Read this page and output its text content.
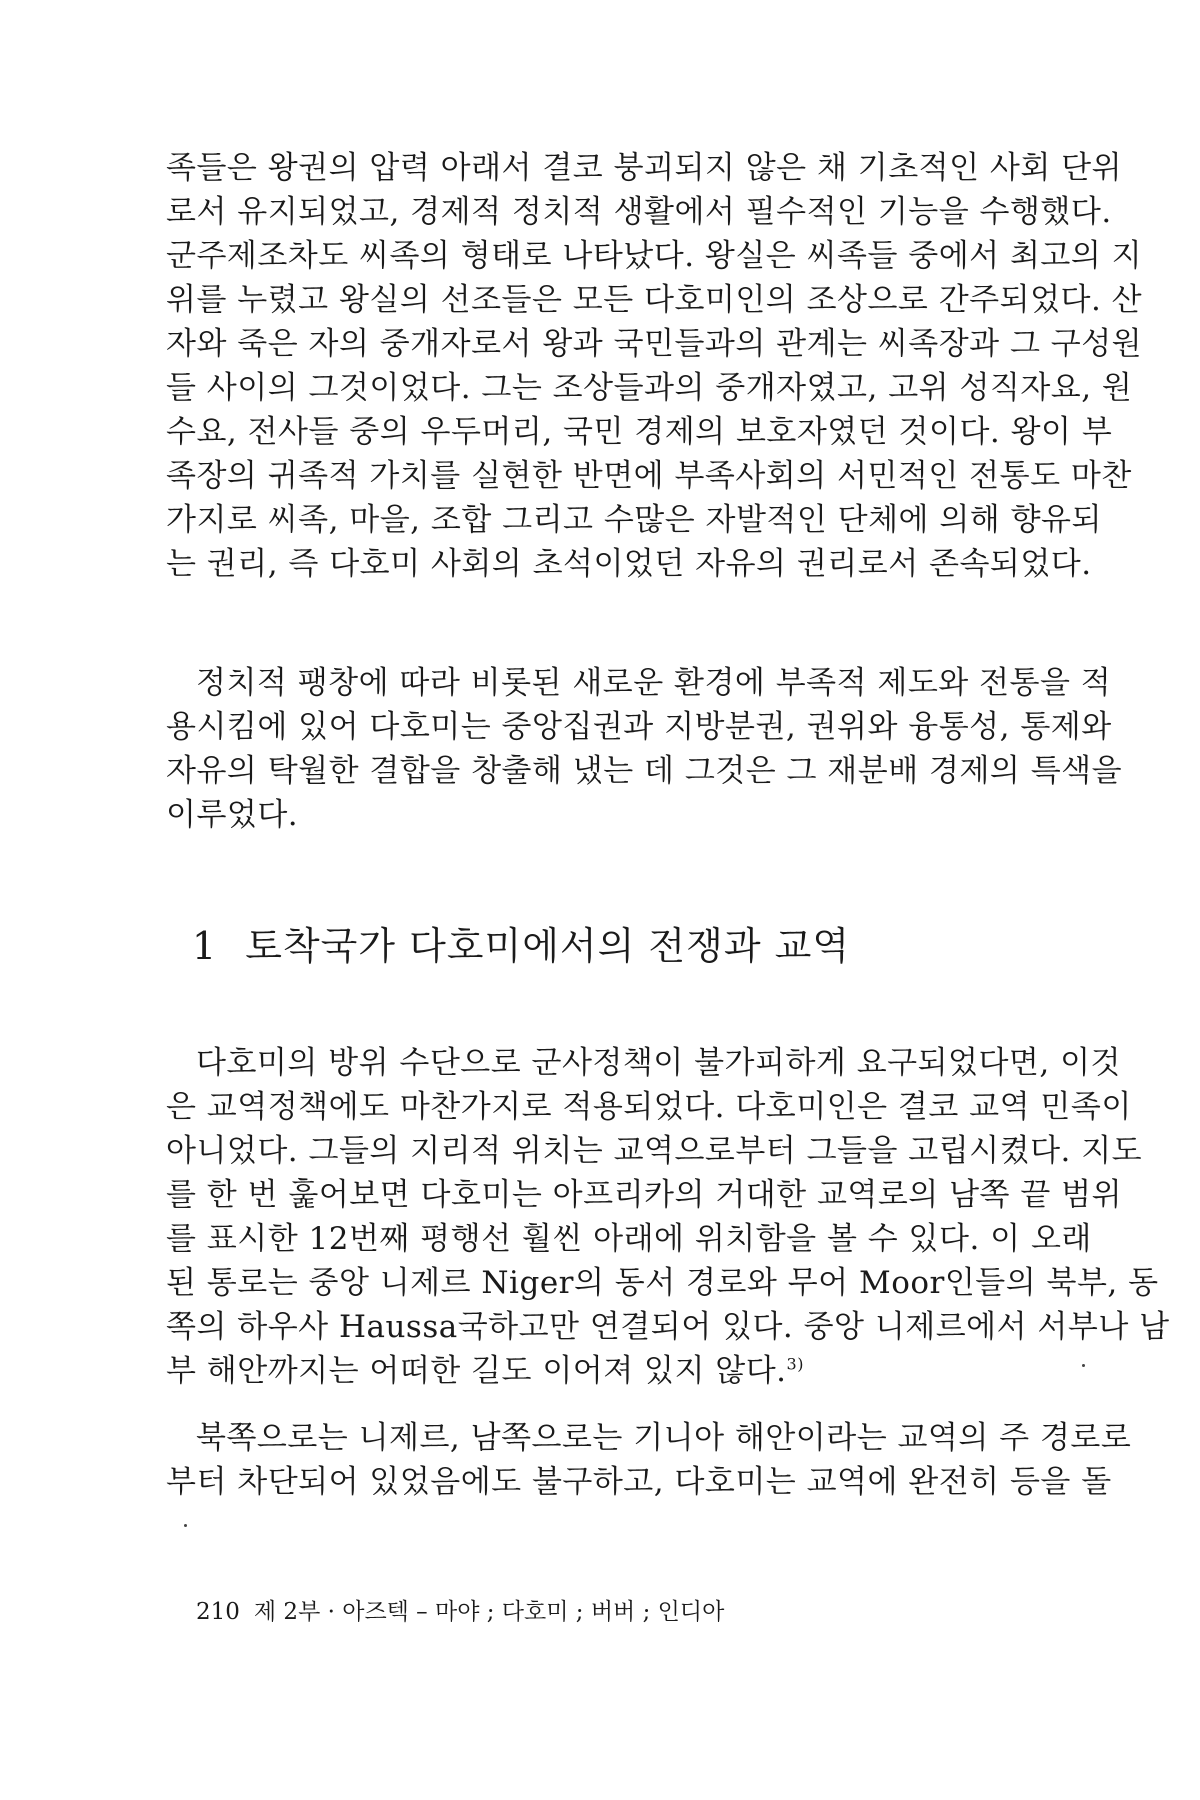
족들은 왕권의 압력 아래서 결코 붕괴되지 않은 채 기초적인 사회 단위
로서 유지되었고, 경제적 정치적 생활에서 필수적인 기능을 수행했다.
군주제조차도 씨족의 형태로 나타났다. 왕실은 씨족들 중에서 최고의 지
위를 누렸고 왕실의 선조들은 모든 다호미인의 조상으로 간주되었다. 산
자와 죽은 자의 중개자로서 왕과 국민들과의 관계는 씨족장과 그 구성원
들 사이의 그것이었다. 그는 조상들과의 중개자였고, 고위 성직자요, 원
수요, 전사들 중의 우두머리, 국민 경제의 보호자였던 것이다. 왕이 부
족장의 귀족적 가치를 실현한 반면에 부족사회의 서민적인 전통도 마찬
가지로 씨족, 마을, 조합 그리고 수많은 자발적인 단체에 의해 향유되
는 권리, 즉 다호미 사회의 초석이었던 자유의 권리로서 존속되었다.
정치적 팽창에 따라 비롯된 새로운 환경에 부족적 제도와 전통을 적
용시킴에 있어 다호미는 중앙집권과 지방분권, 권위와 융통성, 통제와
자유의 탁월한 결합을 창출해 냈는 데 그것은 그 재분배 경제의 특색을
이루었다.
1 토착국가 다호미에서의 전쟁과 교역
다호미의 방위 수단으로 군사정책이 불가피하게 요구되었다면, 이것
은 교역정책에도 마찬가지로 적용되었다. 다호미인은 결코 교역 민족이
아니었다. 그들의 지리적 위치는 교역으로부터 그들을 고립시켰다. 지도
를 한 번 훑어보면 다호미는 아프리카의 거대한 교역로의 남쪽 끝 범위
를 표시한 12번째 평행선 훨씬 아래에 위치함을 볼 수 있다. 이 오래
된 통로는 중앙 니제르 Niger의 동서 경로와 무어 Moor인들의 북부, 동
쪽의 하우사 Haussa국하고만 연결되어 있다. 중앙 니제르에서 서부나 남
부 해안까지는 어떠한 길도 이어져 있지 않다.$^{3)}$
북쪽으로는 니제르, 남쪽으로는 기니아 해안이라는 교역의 주 경로로
부터 차단되어 있었음에도 불구하고, 다호미는 교역에 완전히 등을 돌
210 제 2부 · 아즈텍 – 마야 ; 다호미 ; 버버 ; 인디아
